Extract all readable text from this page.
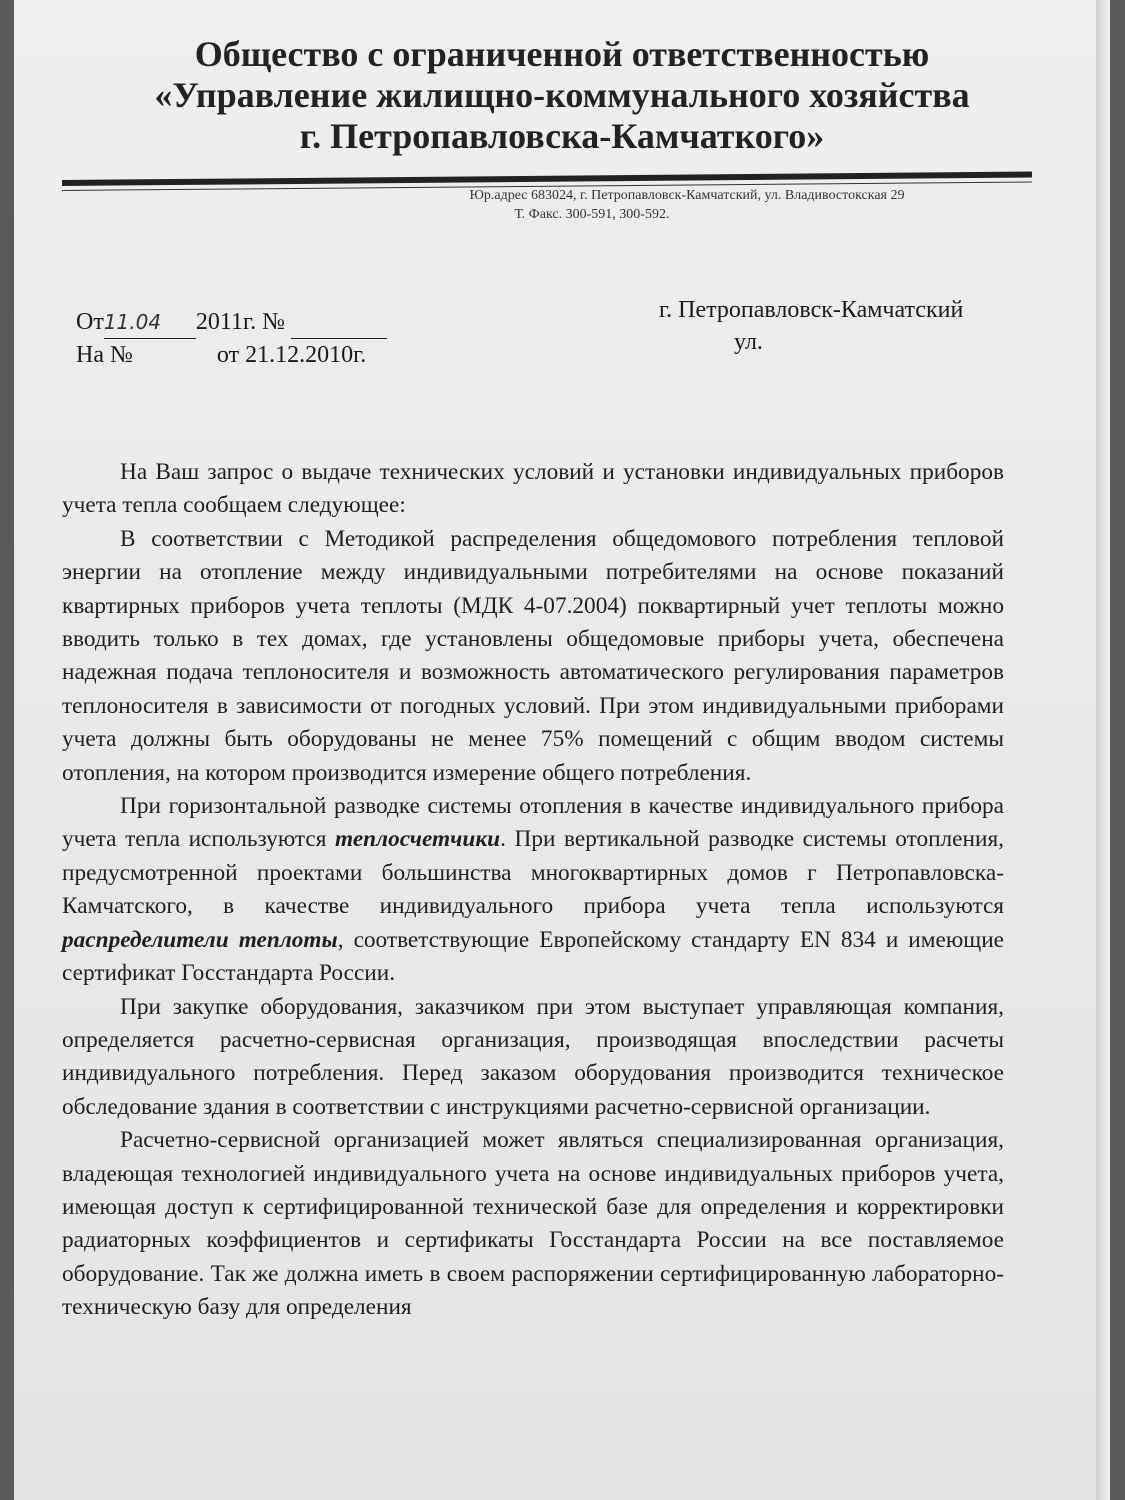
Общество с ограниченной ответственностью
«Управление жилищно-коммунального хозяйства
г. Петропавловска-Камчаткого»
Юр.адрес 683024, г. Петропавловск-Камчатский, ул. Владивостокская 29
Т. Факс. 300-591, 300-592.
От11.04 2011г. №
На №	от 21.12.2010г.
г. Петропавловск-Камчатский
ул.

На Ваш запрос о выдаче технических условий и установки индивидуальных приборов учета тепла сообщаем следующее:

В соответствии с Методикой распределения общедомового потребления тепловой энергии на отопление между индивидуальными потребителями на основе показаний квартирных приборов учета теплоты (МДК 4-07.2004) поквартирный учет теплоты можно вводить только в тех домах, где установлены общедомовые приборы учета, обеспечена надежная подача теплоносителя и возможность автоматического регулирования параметров теплоносителя в зависимости от погодных условий. При этом индивидуальными приборами учета должны быть оборудованы не менее 75% помещений с общим вводом системы отопления, на котором производится измерение общего потребления.

При горизонтальной разводке системы отопления в качестве индивидуального прибора учета тепла используются теплосчетчики. При вертикальной разводке системы отопления, предусмотренной проектами большинства многоквартирных домов г Петропавловска-Камчатского, в качестве индивидуального прибора учета тепла используются распределители теплоты, соответствующие Европейскому стандарту EN 834 и имеющие сертификат Госстандарта России.

При закупке оборудования, заказчиком при этом выступает управляющая компания, определяется расчетно-сервисная организация, производящая впоследствии расчеты индивидуального потребления. Перед заказом оборудования производится техническое обследование здания в соответствии с инструкциями расчетно-сервисной организации.

Расчетно-сервисной организацией может являться специализированная организация, владеющая технологией индивидуального учета на основе индивидуальных приборов учета, имеющая доступ к сертифицированной технической базе для определения и корректировки радиаторных коэффициентов и сертификаты Госстандарта России на все поставляемое оборудование. Так же должна иметь в своем распоряжении сертифицированную лабораторно-техническую базу для определения
